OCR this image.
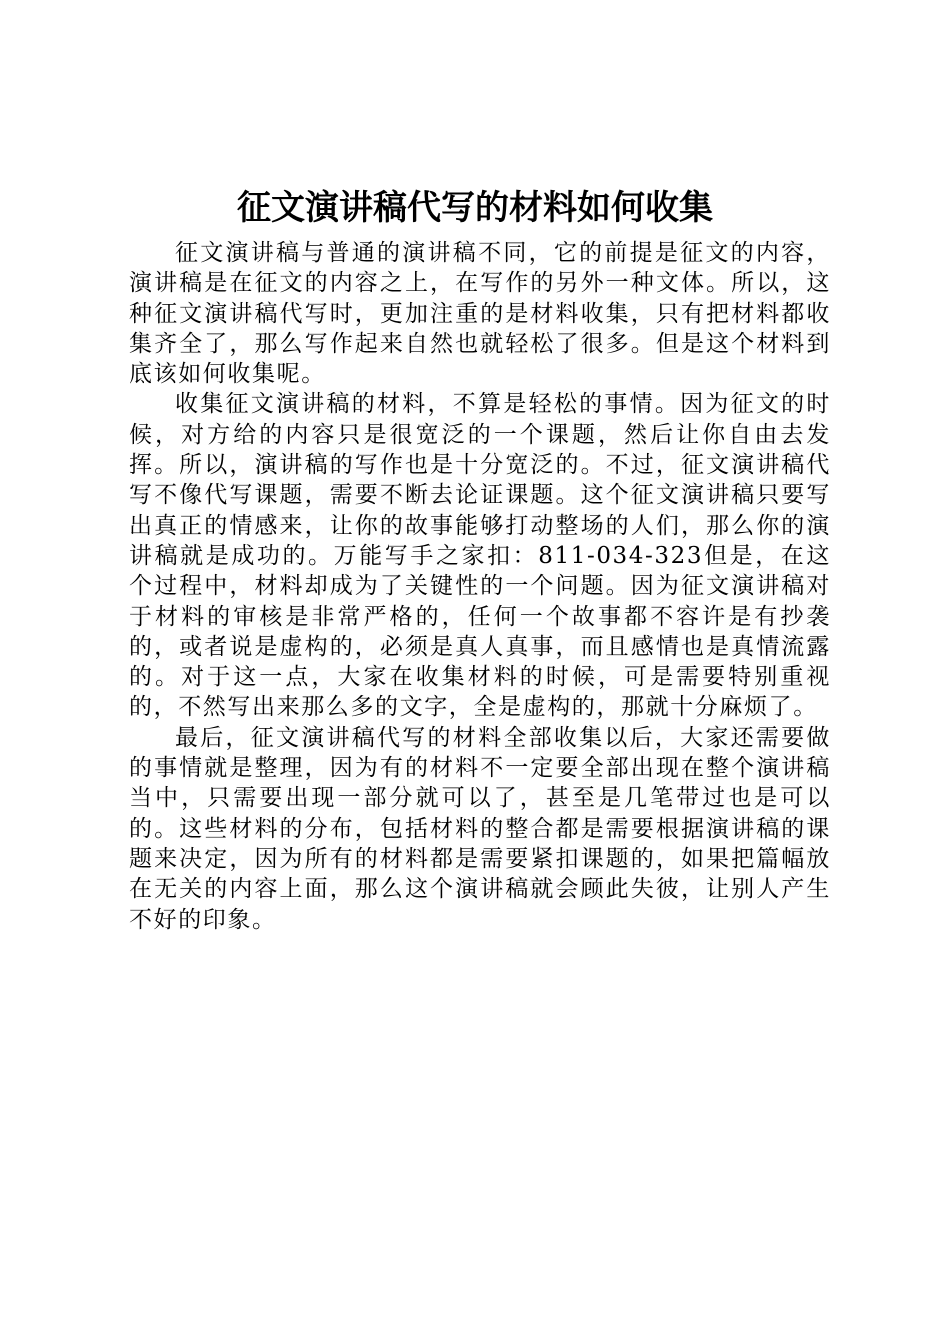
征文演讲稿代写的材料如何收集

征文演讲稿与普通的演讲稿不同，它的前提是征文的内容，演讲稿是在征文的内容之上，在写作的另外一种文体。所以，这种征文演讲稿代写时，更加注重的是材料收集，只有把材料都收集齐全了，那么写作起来自然也就轻松了很多。但是这个材料到底该如何收集呢。

收集征文演讲稿的材料，不算是轻松的事情。因为征文的时候，对方给的内容只是很宽泛的一个课题，然后让你自由去发挥。所以，演讲稿的写作也是十分宽泛的。不过，征文演讲稿代写不像代写课题，需要不断去论证课题。这个征文演讲稿只要写出真正的情感来，让你的故事能够打动整场的人们，那么你的演讲稿就是成功的。万能写手之家扣：811-034-323但是，在这个过程中，材料却成为了关键性的一个问题。因为征文演讲稿对于材料的审核是非常严格的，任何一个故事都不容许是有抄袭的，或者说是虚构的，必须是真人真事，而且感情也是真情流露的。对于这一点，大家在收集材料的时候，可是需要特别重视的，不然写出来那么多的文字，全是虚构的，那就十分麻烦了。

最后，征文演讲稿代写的材料全部收集以后，大家还需要做的事情就是整理，因为有的材料不一定要全部出现在整个演讲稿当中，只需要出现一部分就可以了，甚至是几笔带过也是可以的。这些材料的分布，包括材料的整合都是需要根据演讲稿的课题来决定，因为所有的材料都是需要紧扣课题的，如果把篇幅放在无关的内容上面，那么这个演讲稿就会顾此失彼，让别人产生不好的印象。
